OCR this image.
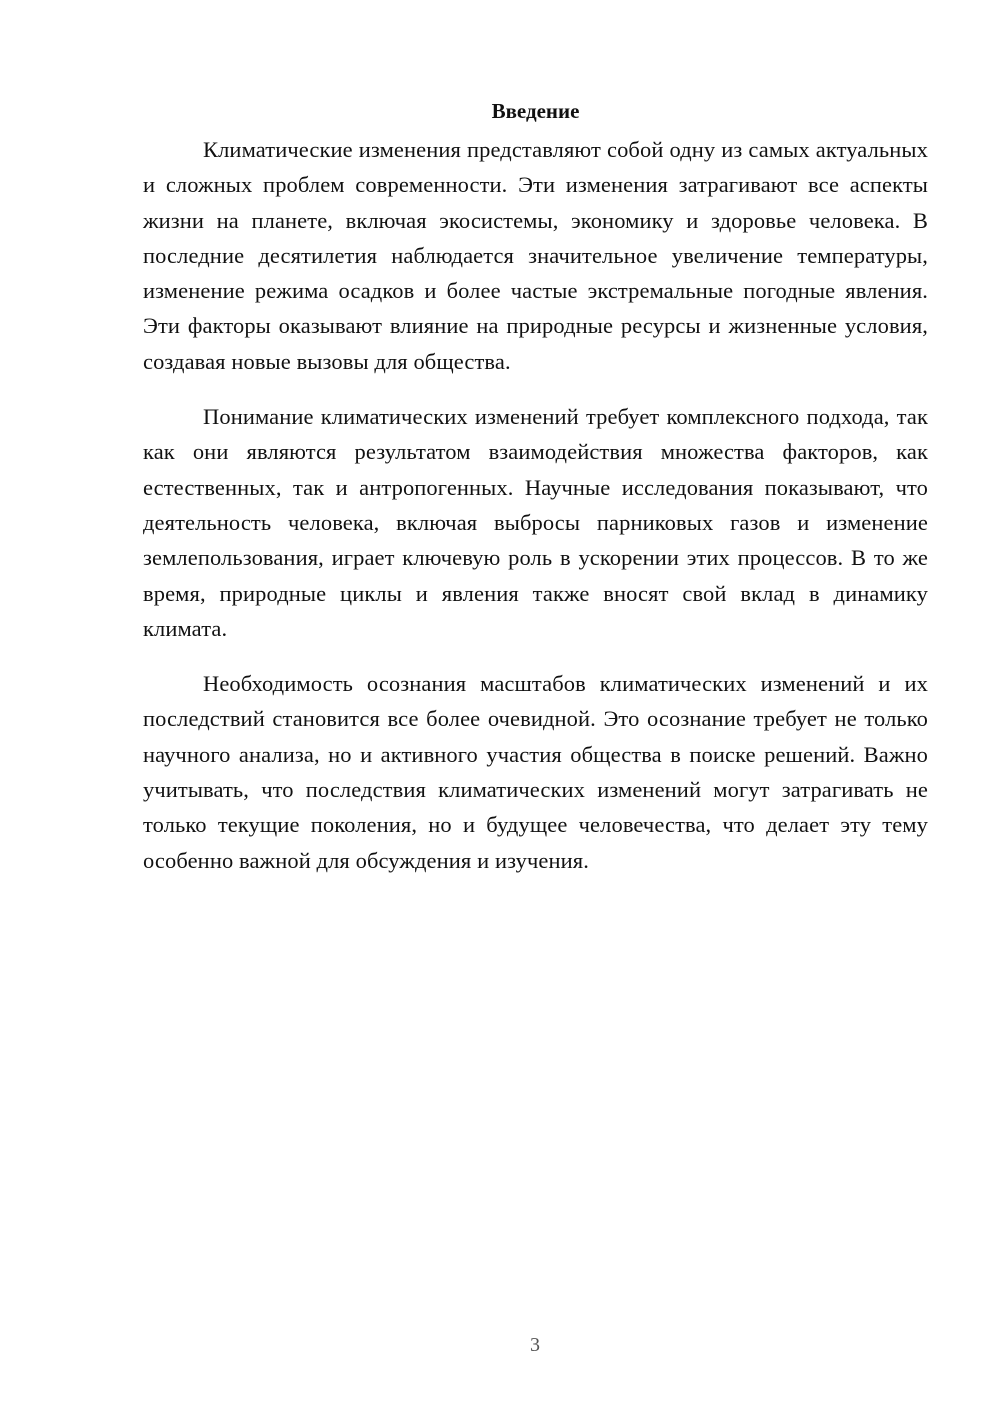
Введение

Климатические изменения представляют собой одну из самых актуальных и сложных проблем современности. Эти изменения затрагивают все аспекты жизни на планете, включая экосистемы, экономику и здоровье человека. В последние десятилетия наблюдается значительное увеличение температуры, изменение режима осадков и более частые экстремальные погодные явления. Эти факторы оказывают влияние на природные ресурсы и жизненные условия, создавая новые вызовы для общества.

Понимание климатических изменений требует комплексного подхода, так как они являются результатом взаимодействия множества факторов, как естественных, так и антропогенных. Научные исследования показывают, что деятельность человека, включая выбросы парниковых газов и изменение землепользования, играет ключевую роль в ускорении этих процессов. В то же время, природные циклы и явления также вносят свой вклад в динамику климата.

Необходимость осознания масштабов климатических изменений и их последствий становится все более очевидной. Это осознание требует не только научного анализа, но и активного участия общества в поиске решений. Важно учитывать, что последствия климатических изменений могут затрагивать не только текущие поколения, но и будущее человечества, что делает эту тему особенно важной для обсуждения и изучения.

3
